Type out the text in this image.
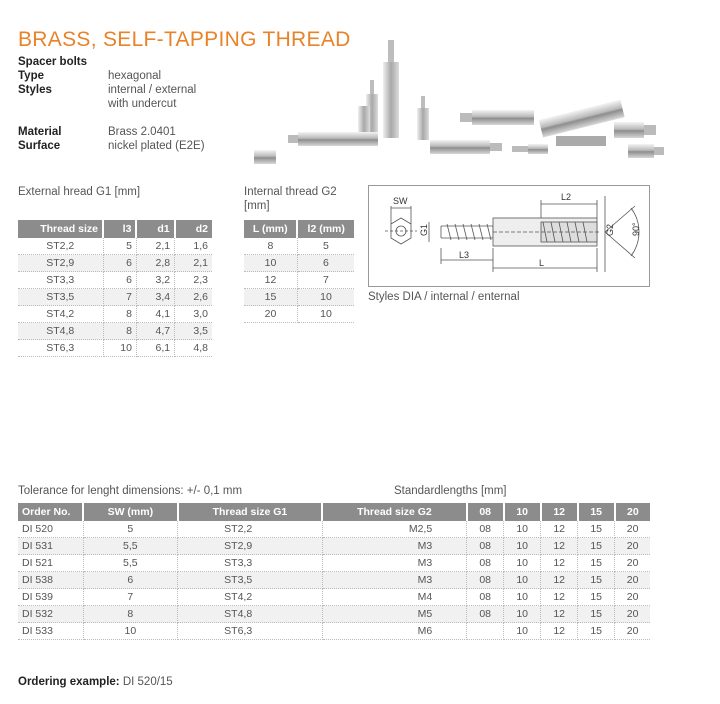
BRASS, SELF-TAPPING THREAD
Spacer bolts
Type	hexagonal
Styles	internal / external
with undercut
Material	Brass 2.0401
Surface	nickel plated (E2E)
External hread G1 [mm]
Thread size	l3	d1	d2
ST2,2	5	2,1	1,6
ST2,9	6	2,8	2,1
ST3,3	6	3,2	2,3
ST3,5	7	3,4	2,6
ST4,2	8	4,1	3,0
ST4,8	8	4,7	3,5
ST6,3	10	6,1	4,8
Internal thread G2
[mm]
L (mm)	l2 (mm)
8	5
10	6
12	7
15	10
20	10
SW
G1
L2
G2
L3
L
90°
Styles DIA / internal / enternal
Tolerance for lenght dimensions: +/- 0,1 mm	Standardlengths [mm]
Order No.	SW (mm)	Thread size G1	Thread size G2	08	10	12	15	20
DI 520	5	ST2,2	M2,5	08	10	12	15	20
DI 531	5,5	ST2,9	M3	08	10	12	15	20
DI 521	5,5	ST3,3	M3	08	10	12	15	20
DI 538	6	ST3,5	M3	08	10	12	15	20
DI 539	7	ST4,2	M4	08	10	12	15	20
DI 532	8	ST4,8	M5	08	10	12	15	20
DI 533	10	ST6,3	M6		10	12	15	20
Ordering example: DI 520/15
